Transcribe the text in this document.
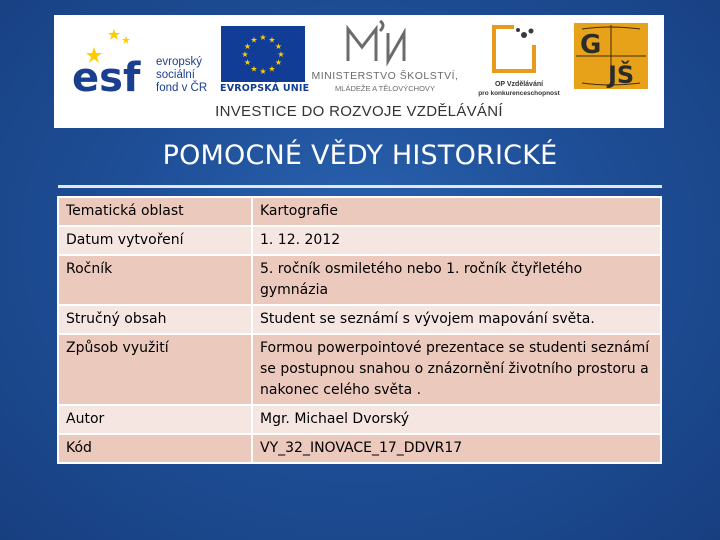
esf evropský
sociální
fond v ČR
★ ★
★
★
★
★
★
★
★
★
★
★
EVROPSKÁ UNIE
MINISTERSTVO ŠKOLSTVÍ,
MLÁDEŽE A TĚLOVÝCHOVY	OP Vzdělávání
pro konkurenceschopnost
G
JŠ
INVESTICE DO ROZVOJE VZDĚLÁVÁNÍ
POMOCNÉ VĚDY HISTORICKÉ
Tematická oblast	Kartografie
Datum vytvoření	1. 12. 2012
Ročník	5. ročník osmiletého nebo 1. ročník čtyřletého gymnázia
Stručný obsah	Student se seznámí s vývojem mapování světa.
Způsob využití	Formou powerpointové prezentace se studenti seznámí se postupnou snahou o znázornění životního prostoru a nakonec celého světa .
Autor	Mgr. Michael Dvorský
Kód	VY_32_INOVACE_17_DDVR17
